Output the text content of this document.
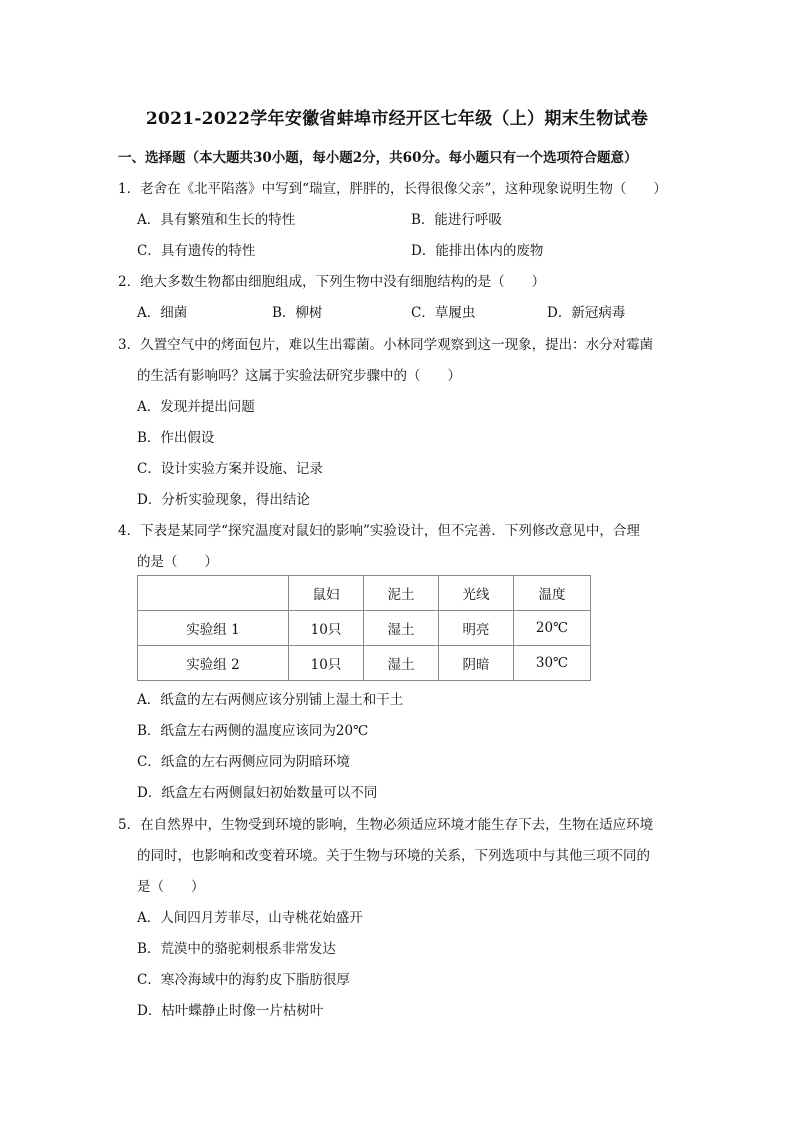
2021-2022学年安徽省蚌埠市经开区七年级（上）期末生物试卷
一、选择题（本大题共30小题，每小题2分，共60分。每小题只有一个选项符合题意）
1．老舍在《北平陷落》中写到“瑞宣，胖胖的，长得很像父亲”，这种现象说明生物（　　）
A．具有繁殖和生长的特性	B．能进行呼吸
C．具有遗传的特性	D．能排出体内的废物
2．绝大多数生物都由细胞组成，下列生物中没有细胞结构的是（　　）
A．细菌	B．柳树	C．草履虫	D．新冠病毒
3．久置空气中的烤面包片，难以生出霉菌。小林同学观察到这一现象，提出：水分对霉菌
的生活有影响吗？这属于实验法研究步骤中的（　　）
A．发现并提出问题
B．作出假设
C．设计实验方案并设施、记录
D．分析实验现象，得出结论
4．下表是某同学“探究温度对鼠妇的影响”实验设计，但不完善．下列修改意见中，合理
的是（　　）
	鼠妇	泥土	光线	温度
实验组 1	10只	湿土	明亮	20℃
实验组 2	10只	湿土	阴暗	30℃
A．纸盒的左右两侧应该分别铺上湿土和干土
B．纸盒左右两侧的温度应该同为20℃
C．纸盒的左右两侧应同为阴暗环境
D．纸盒左右两侧鼠妇初始数量可以不同
5．在自然界中，生物受到环境的影响，生物必须适应环境才能生存下去，生物在适应环境
的同时，也影响和改变着环境。关于生物与环境的关系，下列选项中与其他三项不同的
是（　　）
A．人间四月芳菲尽，山寺桃花始盛开
B．荒漠中的骆驼刺根系非常发达
C．寒冷海域中的海豹皮下脂肪很厚
D．枯叶蝶静止时像一片枯树叶
